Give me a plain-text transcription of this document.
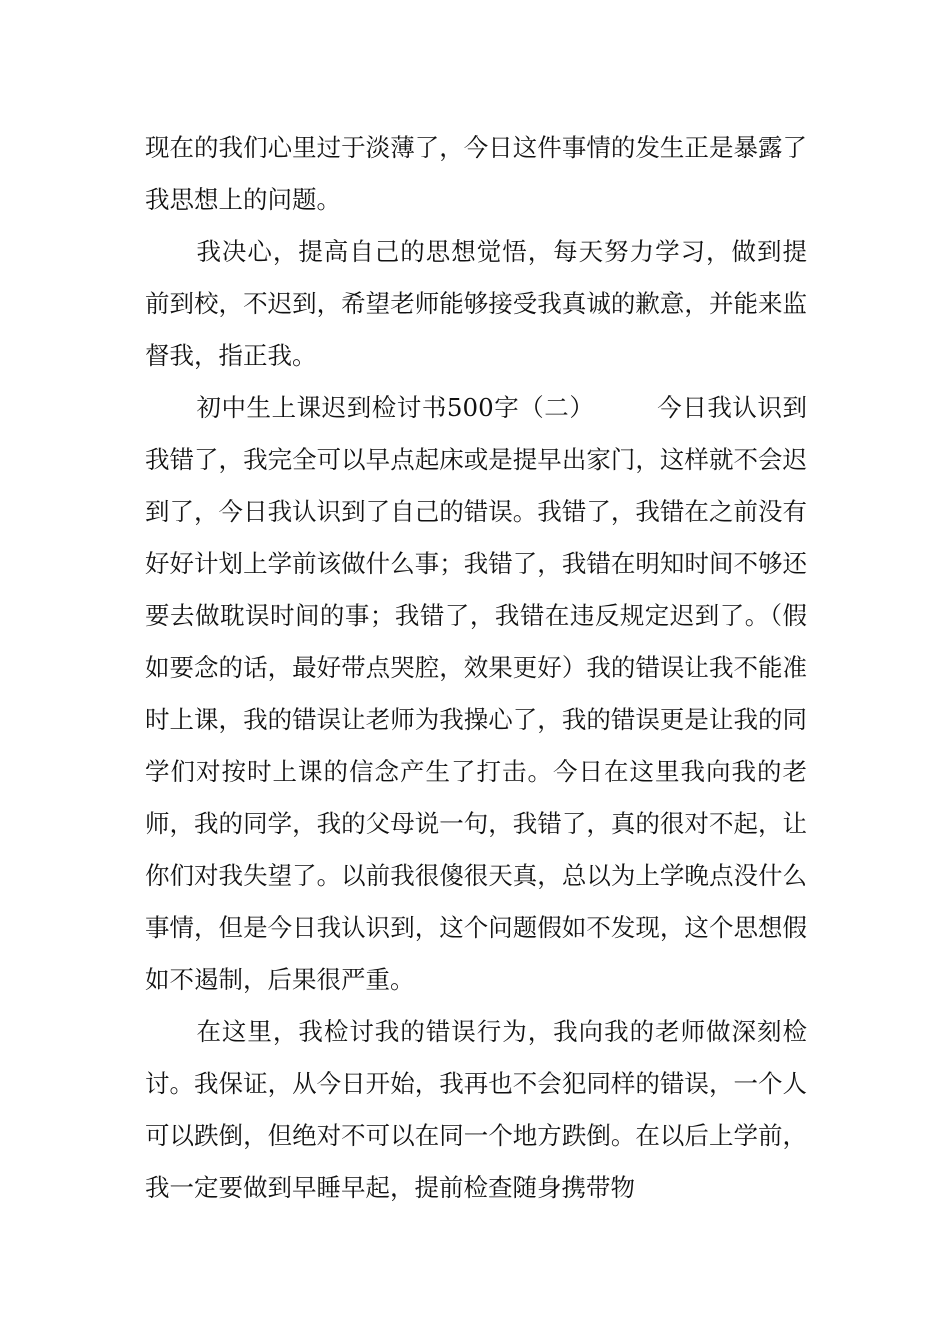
现在的我们心里过于淡薄了，今日这件事情的发生正是暴露了我思想上的问题。

我决心，提高自己的思想觉悟，每天努力学习，做到提前到校，不迟到，希望老师能够接受我真诚的歉意，并能来监督我，指正我。

初中生上课迟到检讨书500字（二）　　　	今日我认识到我错了，我完全可以早点起床或是提早出家门，这样就不会迟到了，今日我认识到了自己的错误。我错了，我错在之前没有好好计划上学前该做什么事；我错了，我错在明知时间不够还要去做耽误时间的事；我错了，我错在违反规定迟到了。（假如要念的话，最好带点哭腔，效果更好）我的错误让我不能准时上课，我的错误让老师为我操心了，我的错误更是让我的同学们对按时上课的信念产生了打击。今日在这里我向我的老师，我的同学，我的父母说一句，我错了，真的很对不起，让你们对我失望了。以前我很傻很天真，总以为上学晚点没什么事情，但是今日我认识到，这个问题假如不发现，这个思想假如不遏制，后果很严重。

在这里，我检讨我的错误行为，我向我的老师做深刻检讨。我保证，从今日开始，我再也不会犯同样的错误，一个人可以跌倒，但绝对不可以在同一个地方跌倒。在以后上学前，我一定要做到早睡早起，提前检查随身携带物
